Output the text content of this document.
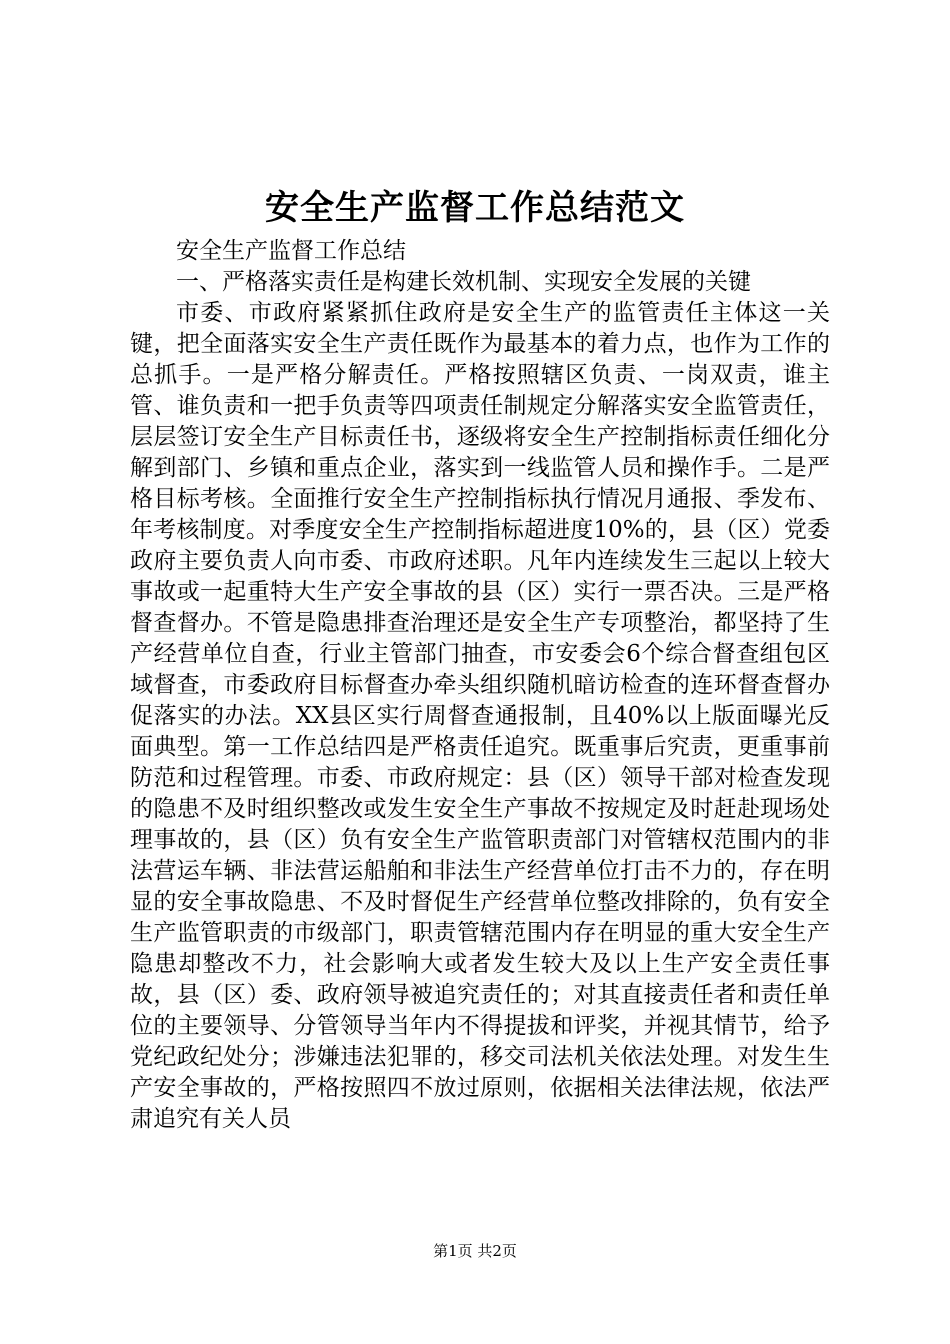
安全生产监督工作总结范文

安全生产监督工作总结

一、严格落实责任是构建长效机制、实现安全发展的关键

市委、市政府紧紧抓住政府是安全生产的监管责任主体这一关键，把全面落实安全生产责任既作为最基本的着力点，也作为工作的总抓手。一是严格分解责任。严格按照辖区负责、一岗双责，谁主管、谁负责和一把手负责等四项责任制规定分解落实安全监管责任，层层签订安全生产目标责任书，逐级将安全生产控制指标责任细化分解到部门、乡镇和重点企业，落实到一线监管人员和操作手。二是严格目标考核。全面推行安全生产控制指标执行情况月通报、季发布、年考核制度。对季度安全生产控制指标超进度10%的，县（区）党委政府主要负责人向市委、市政府述职。凡年内连续发生三起以上较大事故或一起重特大生产安全事故的县（区）实行一票否决。三是严格督查督办。不管是隐患排查治理还是安全生产专项整治，都坚持了生产经营单位自查，行业主管部门抽查，市安委会6个综合督查组包区域督查，市委政府目标督查办牵头组织随机暗访检查的连环督查督办促落实的办法。XX县区实行周督查通报制，且40%以上版面曝光反面典型。第一工作总结四是严格责任追究。既重事后究责，更重事前防范和过程管理。市委、市政府规定：县（区）领导干部对检查发现的隐患不及时组织整改或发生安全生产事故不按规定及时赶赴现场处理事故的，县（区）负有安全生产监管职责部门对管辖权范围内的非法营运车辆、非法营运船舶和非法生产经营单位打击不力的，存在明显的安全事故隐患、不及时督促生产经营单位整改排除的，负有安全生产监管职责的市级部门，职责管辖范围内存在明显的重大安全生产隐患却整改不力，社会影响大或者发生较大及以上生产安全责任事故，县（区）委、政府领导被追究责任的；对其直接责任者和责任单位的主要领导、分管领导当年内不得提拔和评奖，并视其情节，给予党纪政纪处分；涉嫌违法犯罪的，移交司法机关依法处理。对发生生产安全事故的，严格按照四不放过原则，依据相关法律法规，依法严肃追究有关人员

第1页 共2页
